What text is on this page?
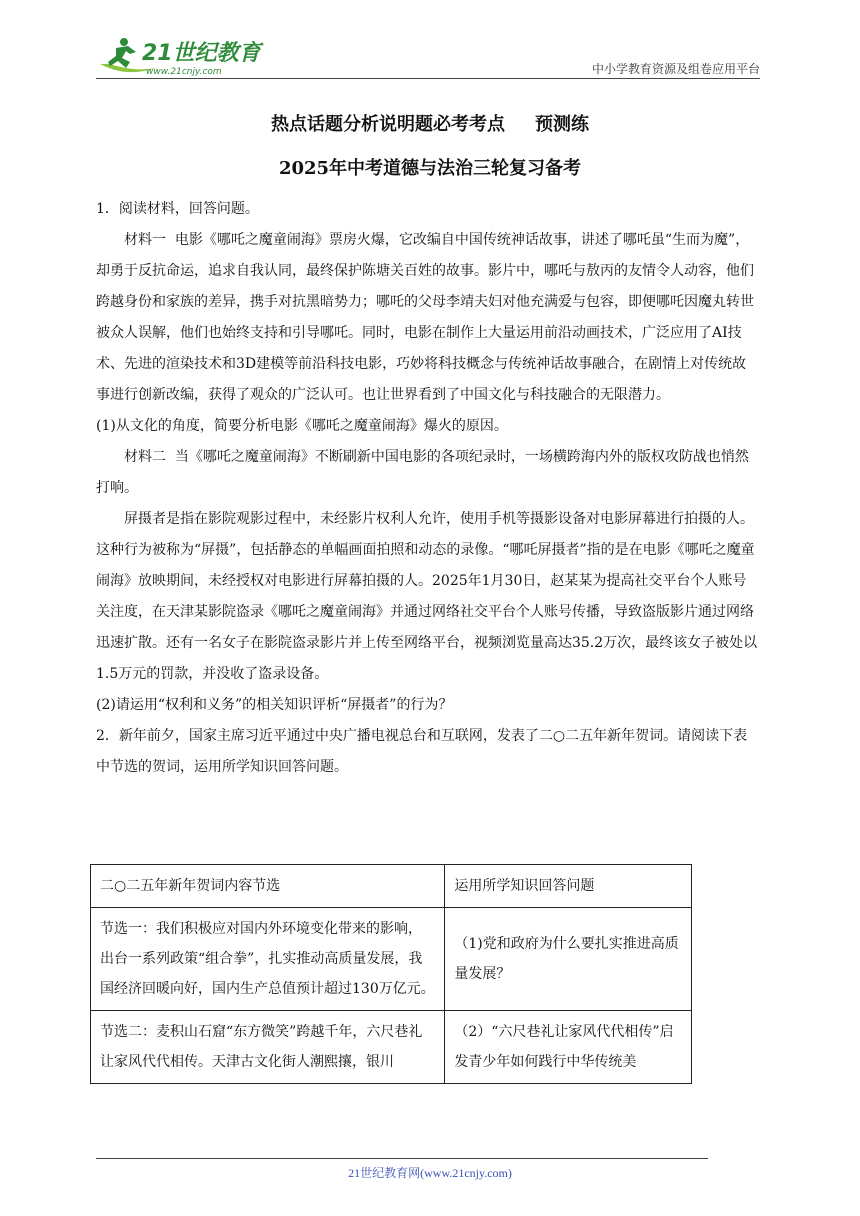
21世纪教育
www.21cnjy.com	中小学教育资源及组卷应用平台
热点话题分析说明题必考考点 预测练
2025年中考道德与法治三轮复习备考

1．阅读材料，回答问题。

材料一 电影《哪吒之魔童闹海》票房火爆，它改编自中国传统神话故事，讲述了哪吒虽“生而为魔”，却勇于反抗命运，追求自我认同，最终保护陈塘关百姓的故事。影片中，哪吒与敖丙的友情令人动容，他们跨越身份和家族的差异，携手对抗黑暗势力；哪吒的父母李靖夫妇对他充满爱与包容，即便哪吒因魔丸转世被众人误解，他们也始终支持和引导哪吒。同时，电影在制作上大量运用前沿动画技术，广泛应用了AI技术、先进的渲染技术和3D建模等前沿科技电影，巧妙将科技概念与传统神话故事融合，在剧情上对传统故事进行创新改编，获得了观众的广泛认可。也让世界看到了中国文化与科技融合的无限潜力。

(1)从文化的角度，简要分析电影《哪吒之魔童闹海》爆火的原因。

材料二 当《哪吒之魔童闹海》不断刷新中国电影的各项纪录时，一场横跨海内外的版权攻防战也悄然打响。

屏摄者是指在影院观影过程中，未经影片权利人允许，使用手机等摄影设备对电影屏幕进行拍摄的人。这种行为被称为“屏摄”，包括静态的单幅画面拍照和动态的录像。“哪吒屏摄者”指的是在电影《哪吒之魔童闹海》放映期间，未经授权对电影进行屏幕拍摄的人。2025年1月30日，赵某某为提高社交平台个人账号关注度，在天津某影院盗录《哪吒之魔童闹海》并通过网络社交平台个人账号传播，导致盗版影片通过网络迅速扩散。还有一名女子在影院盗录影片并上传至网络平台，视频浏览量高达35.2万次，最终该女子被处以1.5万元的罚款，并没收了盗录设备。

(2)请运用“权利和义务”的相关知识评析“屏摄者”的行为？

2．新年前夕，国家主席习近平通过中央广播电视总台和互联网，发表了二○二五年新年贺词。请阅读下表中节选的贺词，运用所学知识回答问题。

二○二五年新年贺词内容节选	运用所学知识回答问题
节选一：我们积极应对国内外环境变化带来的影响，出台一系列政策“组合拳”，扎实推动高质量发展，我国经济回暖向好，国内生产总值预计超过130万亿元。	（1)党和政府为什么要扎实推进高质量发展？
节选二：麦积山石窟“东方微笑”跨越千年，六尺巷礼让家风代代相传。天津古文化街人潮熙攘，银川	（2）“六尺巷礼让家风代代相传”启发青少年如何践行中华传统美
21世纪教育网(www.21cnjy.com)
